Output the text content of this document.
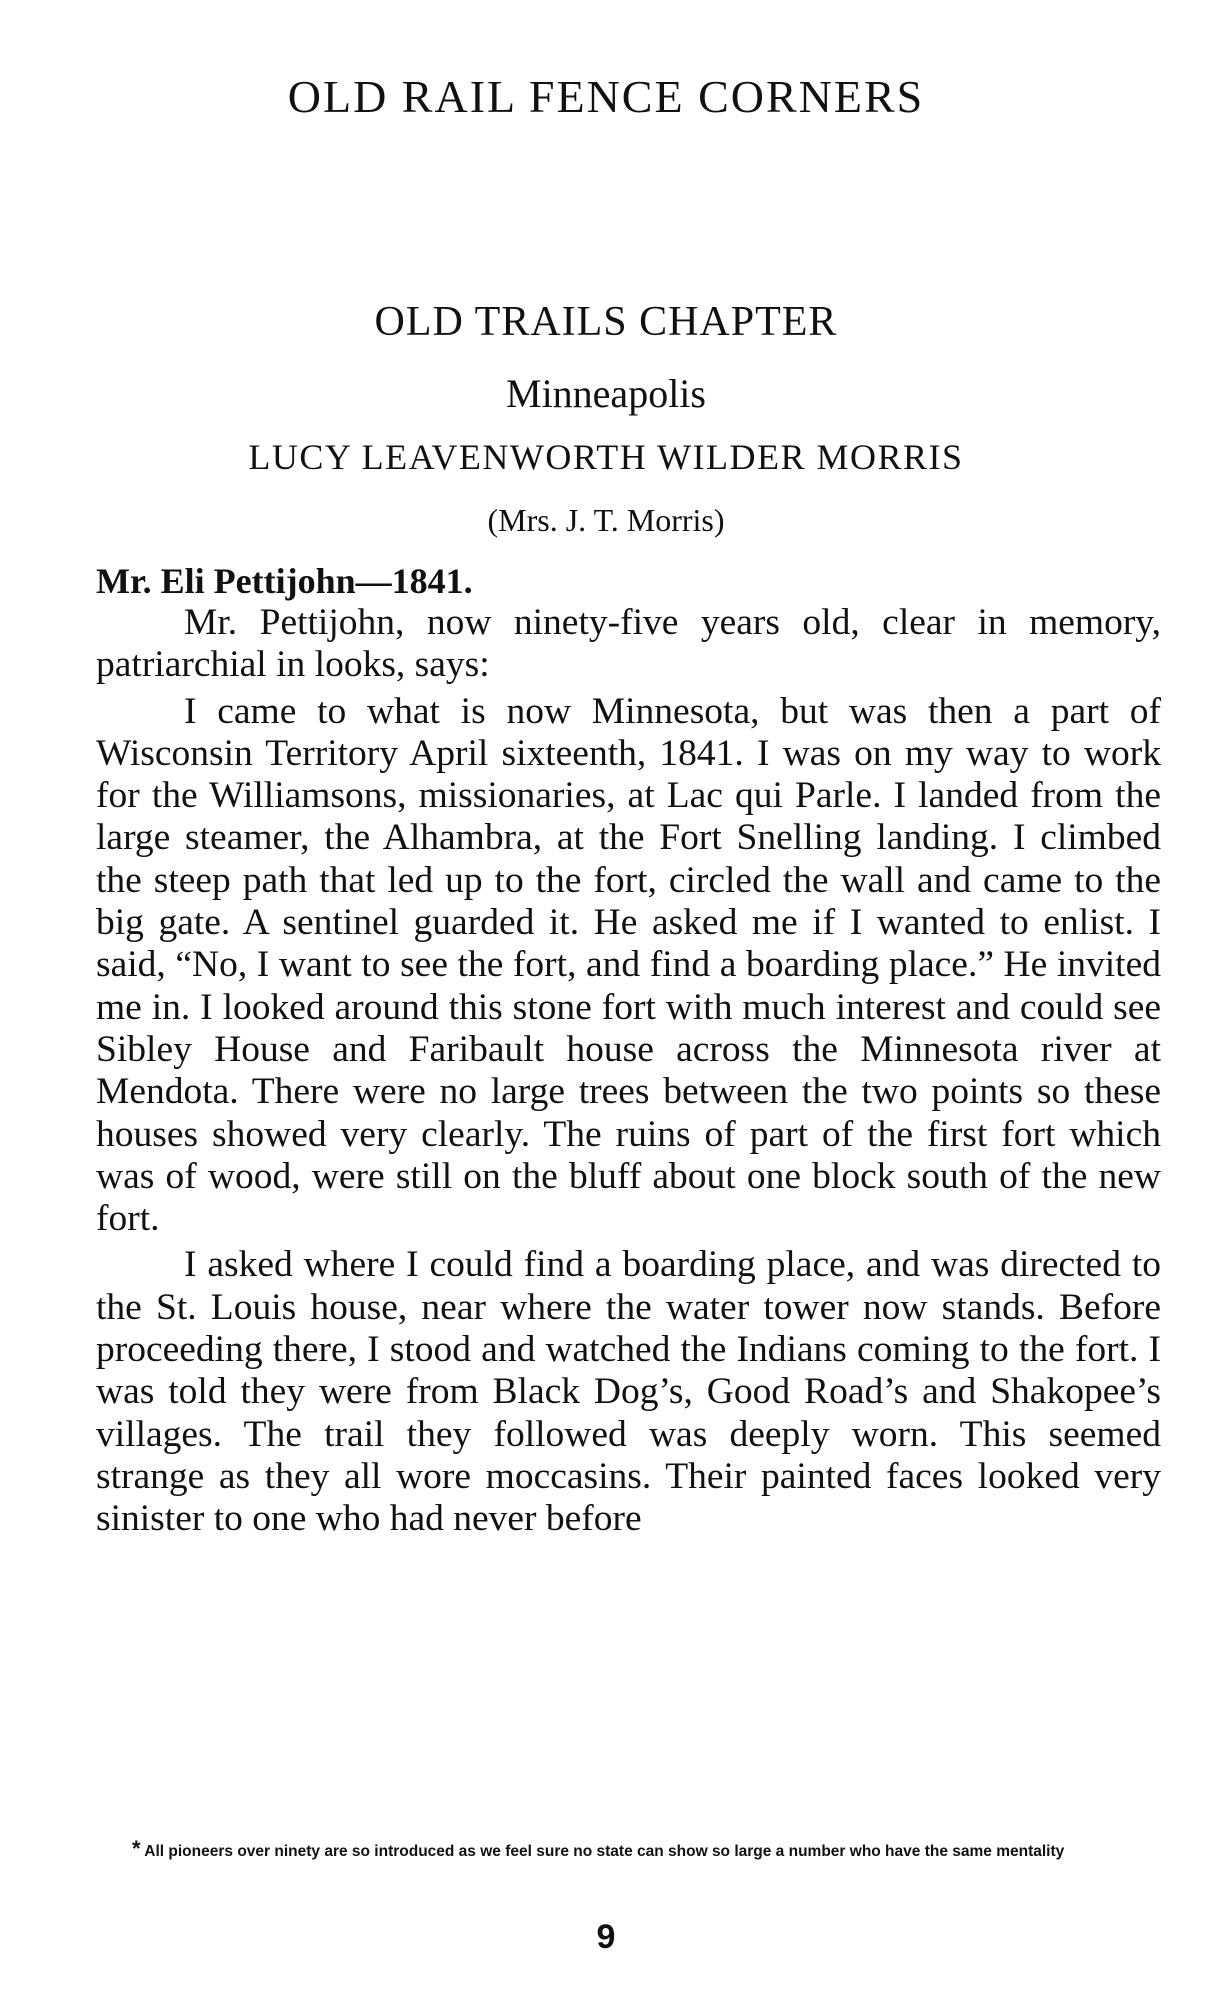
OLD RAIL FENCE CORNERS
OLD TRAILS CHAPTER
Minneapolis
LUCY LEAVENWORTH WILDER MORRIS
(Mrs. J. T. Morris)

Mr. Eli Pettijohn—1841.

Mr. Pettijohn, now ninety-five years old, clear in memory, patriarchial in looks, says:

I came to what is now Minnesota, but was then a part of Wisconsin Territory April sixteenth, 1841. I was on my way to work for the Williamsons, missionaries, at Lac qui Parle. I landed from the large steamer, the Alhambra, at the Fort Snelling landing. I climbed the steep path that led up to the fort, circled the wall and came to the big gate. A sentinel guarded it. He asked me if I wanted to enlist. I said, “No, I want to see the fort, and find a boarding place.” He invited me in. I looked around this stone fort with much interest and could see Sibley House and Faribault house across the Minnesota river at Mendota. There were no large trees between the two points so these houses showed very clearly. The ruins of part of the first fort which was of wood, were still on the bluff about one block south of the new fort.

I asked where I could find a boarding place, and was directed to the St. Louis house, near where the water tower now stands. Before proceeding there, I stood and watched the Indians coming to the fort. I was told they were from Black Dog’s, Good Road’s and Shakopee’s villages. The trail they followed was deeply worn. This seemed strange as they all wore moccasins. Their painted faces looked very sinister to one who had never before

* All pioneers over ninety are so introduced as we feel sure no state can show so large a number who have the same mentality
9
